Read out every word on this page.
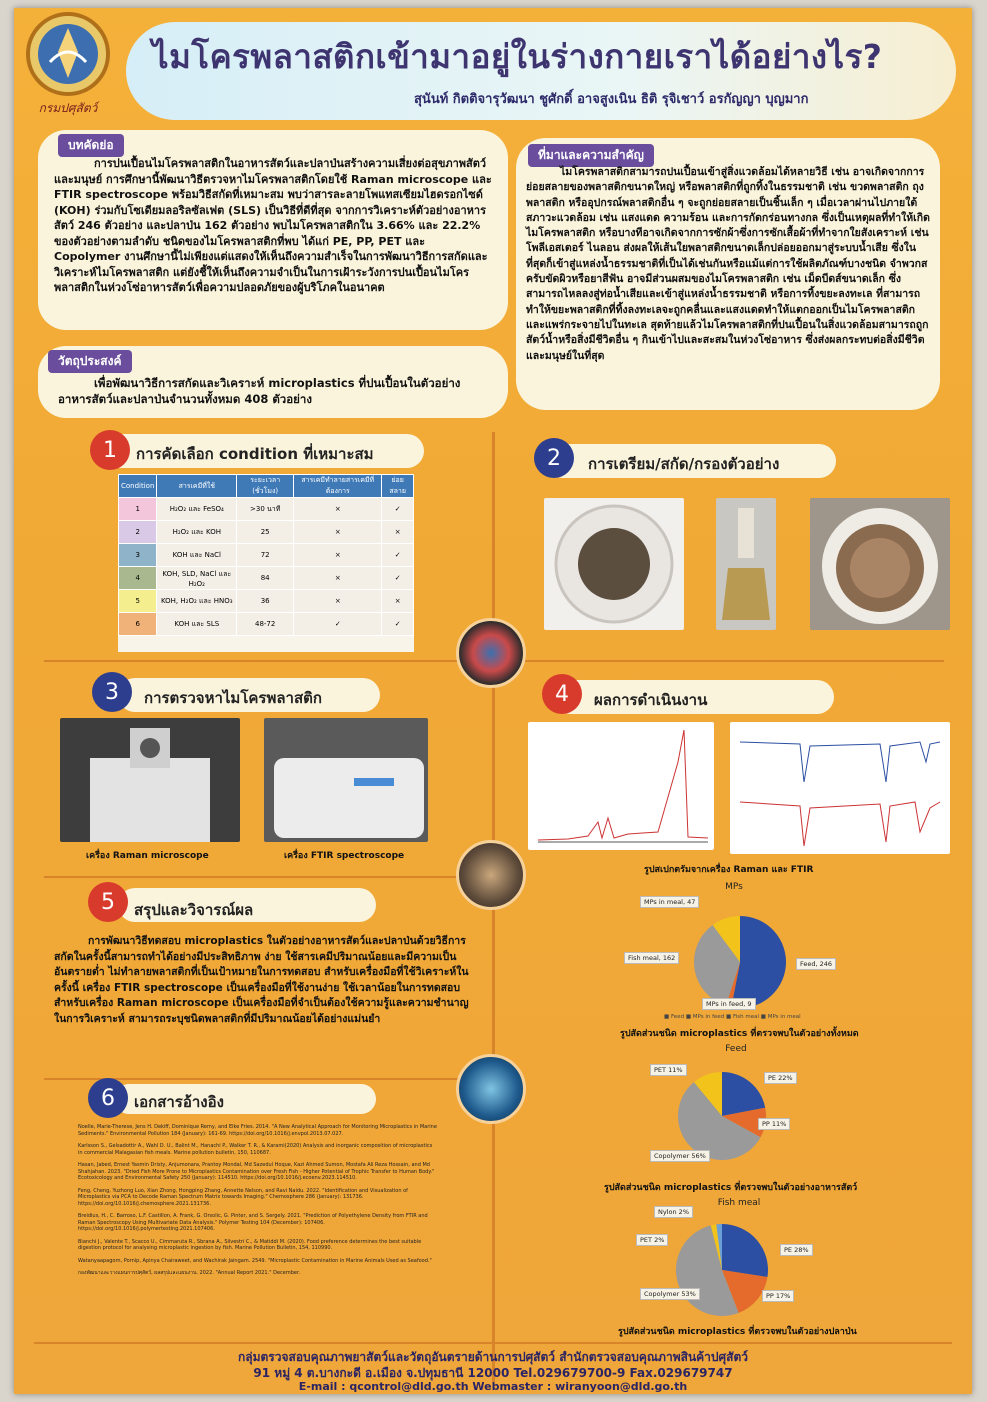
กรมปศุสัตว์
ไมโครพลาสติกเข้ามาอยู่ในร่างกายเราได้อย่างไร?
สุนันท์ กิตติจารุวัฒนา ชูศักดิ์ อาจสูงเนิน ธิติ รุจิเชาว์ อรกัญญา บุญมาก
บทคัดย่อ
การปนเปื้อนไมโครพลาสติกในอาหารสัตว์และปลาป่นสร้างความเสี่ยงต่อสุขภาพสัตว์และมนุษย์ การศึกษานี้พัฒนาวิธีตรวจหาไมโครพลาสติกโดยใช้ Raman microscope และ FTIR spectroscope พร้อมวิธีสกัดที่เหมาะสม พบว่าสารละลายโพแทสเซียมไฮดรอกไซด์ (KOH) ร่วมกับโซเดียมลอริลซัลเฟต (SLS) เป็นวิธีที่ดีที่สุด จากการวิเคราะห์ตัวอย่างอาหารสัตว์ 246 ตัวอย่าง และปลาป่น 162 ตัวอย่าง พบไมโครพลาสติกใน 3.66% และ 22.2% ของตัวอย่างตามลำดับ ชนิดของไมโครพลาสติกที่พบ ได้แก่ PE, PP, PET และ Copolymer งานศึกษานี้ไม่เพียงแต่แสดงให้เห็นถึงความสำเร็จในการพัฒนาวิธีการสกัดและวิเคราะห์ไมโครพลาสติก แต่ยังชี้ให้เห็นถึงความจำเป็นในการเฝ้าระวังการปนเปื้อนไมโครพลาสติกในห่วงโซ่อาหารสัตว์เพื่อความปลอดภัยของผู้บริโภคในอนาคต
วัตถุประสงค์
เพื่อพัฒนาวิธีการสกัดและวิเคราะห์ microplastics ที่ปนเปื้อนในตัวอย่างอาหารสัตว์และปลาป่นจำนวนทั้งหมด 408 ตัวอย่าง
ที่มาและความสำคัญ
ไมโครพลาสติกสามารถปนเปื้อนเข้าสู่สิ่งแวดล้อมได้หลายวิธี เช่น อาจเกิดจากการย่อยสลายของพลาสติกขนาดใหญ่ หรือพลาสติกที่ถูกทิ้งในธรรมชาติ เช่น ขวดพลาสติก ถุงพลาสติก หรืออุปกรณ์พลาสติกอื่น ๆ จะถูกย่อยสลายเป็นชิ้นเล็ก ๆ เมื่อเวลาผ่านไปภายใต้สภาวะแวดล้อม เช่น แสงแดด ความร้อน และการกัดกร่อนทางกล ซึ่งเป็นเหตุผลที่ทำให้เกิดไมโครพลาสติก หรือบางทีอาจเกิดจากการซักผ้าซึ่งการซักเสื้อผ้าที่ทำจากใยสังเคราะห์ เช่น โพลีเอสเตอร์ ไนลอน ส่งผลให้เส้นใยพลาสติกขนาดเล็กปล่อยออกมาสู่ระบบน้ำเสีย ซึ่งในที่สุดก็เข้าสู่แหล่งน้ำธรรมชาติที่เป็นได้เช่นกันหรือแม้แต่การใช้ผลิตภัณฑ์บางชนิด จำพวกสครับขัดผิวหรือยาสีฟัน อาจมีส่วนผสมของไมโครพลาสติก เช่น เม็ดบีดส์ขนาดเล็ก ซึ่งสามารถไหลลงสู่ท่อน้ำเสียและเข้าสู่แหล่งน้ำธรรมชาติ หรือการทิ้งขยะลงทะเล ที่สามารถทำให้ขยะพลาสติกที่ทิ้งลงทะเลจะถูกคลื่นและแสงแดดทำให้แตกออกเป็นไมโครพลาสติกและแพร่กระจายไปในทะเล สุดท้ายแล้วไมโครพลาสติกที่ปนเปื้อนในสิ่งแวดล้อมสามารถถูกสัตว์น้ำหรือสิ่งมีชีวิตอื่น ๆ กินเข้าไปและสะสมในห่วงโซ่อาหาร ซึ่งส่งผลกระทบต่อสิ่งมีชีวิตและมนุษย์ในที่สุด
1	การคัดเลือก condition ที่เหมาะสม
Condition	สารเคมีที่ใช้	ระยะเวลา (ชั่วโมง)	สารเคมีทำลายสารเคมีที่ต้องการ	ย่อยสลาย
1	H₂O₂ และ FeSO₄	>30 นาที	×	✓
2	H₂O₂ และ KOH	25	×	×
3	KOH และ NaCl	72	×	✓
4	KOH, SLD, NaCl และ H₂O₂	84	×	✓
5	KOH, H₂O₂ และ HNO₃	36	×	×
6	KOH และ SLS	48-72	✓	✓
2	การเตรียม/สกัด/กรองตัวอย่าง
3	การตรวจหาไมโครพลาสติก
เครื่อง Raman microscope	เครื่อง FTIR spectroscope
4	ผลการดำเนินงาน
รูปสเปกตรัมจากเครื่อง Raman และ FTIR
MPs
MPs in meal, 47
Fish meal, 162
Feed, 246
MPs in feed, 9
■ Feed ■ MPs in feed ■ Fish meal ■ MPs in meal
รูปสัดส่วนชนิด microplastics ที่ตรวจพบในตัวอย่างทั้งหมด
Feed
PET 11%
PE 22%
PP 11%
Copolymer 56%
รูปสัดส่วนชนิด microplastics ที่ตรวจพบในตัวอย่างอาหารสัตว์
Fish meal
Nylon 2%
PET 2%
PE 28%
PP 17%
Copolymer 53%
รูปสัดส่วนชนิด microplastics ที่ตรวจพบในตัวอย่างปลาป่น
5	สรุปและวิจารณ์ผล
การพัฒนาวิธีทดสอบ microplastics ในตัวอย่างอาหารสัตว์และปลาป่นด้วยวิธีการสกัดในครั้งนี้สามารถทำได้อย่างมีประสิทธิภาพ ง่าย ใช้สารเคมีปริมาณน้อยและมีความเป็นอันตรายต่ำ ไม่ทำลายพลาสติกที่เป็นเป้าหมายในการทดสอบ สำหรับเครื่องมือที่ใช้วิเคราะห์ในครั้งนี้ เครื่อง FTIR spectroscope เป็นเครื่องมือที่ใช้งานง่าย ใช้เวลาน้อยในการทดสอบ สำหรับเครื่อง Raman microscope เป็นเครื่องมือที่จำเป็นต้องใช้ความรู้และความชำนาญในการวิเคราะห์ สามารถระบุชนิดพลาสติกที่มีปริมาณน้อยได้อย่างแม่นยำ
6	เอกสารอ้างอิง
Noelle, Marie-Therese, Jens H. Dekiff, Dominique Remy, and Elke Fries. 2014. "A New Analytical Approach for Monitoring Microplastics in Marine Sediments." Environmental Pollution 184 (January): 161-69. https://doi.org/10.1016/j.envpol.2013.07.027.
Karlsson S., Gelsadottir A., Wahl D. U., Balint M., Hanachi P., Walker T. R., & Karami(2020) Analysis and inorganic composition of microplastics in commercial Malagasian fish meals. Marine pollution bulletin, 150, 110687.
Hasan, Jabed, Ernest Yasmin Dristy, Anjumonara, Prantoy Mondal, Md Sazedul Hoque, Kazi Ahmed Sumon, Mostafa Ali Reza Hossain, and Md Shahjahan. 2023. "Dried Fish More Prone to Microplastics Contamination over Fresh Fish - Higher Potential of Trophic Transfer to Human Body." Ecotoxicology and Environmental Safety 250 (January): 114510. https://doi.org/10.1016/j.ecoenv.2023.114510.
Feng, Cheng, Yuzhong Luo, Xian Zhong, Hongping Zhang, Annette Nelson, and Ravi Naidu. 2022. "Identification and Visualization of Microplastics via PCA to Decode Raman Spectrum Matrix towards Imaging." Chemosphere 286 (January): 131736. https://doi.org/10.1016/j.chemosphere.2021.131736.
Breidius, H., C. Barroso, L.F. Castillon, A. Frank, G. Orsolic, G. Pinter, and S. Sergely. 2021. "Prediction of Polyethylene Density from FTIR and Raman Spectroscopy Using Multivariate Data Analysis." Polymer Testing 104 (December): 107406. https://doi.org/10.1016/j.polymertesting.2021.107406.
Bianchi J., Valente T., Scacco U., Cimmaruta R., Sbrana A., Silvestri C., & Matiddi M. (2020). Food preference determines the best suitable digestion protocol for analysing microplastic ingestion by fish. Marine Pollution Bulletin, 154, 110990.
Watanyaapagorn, Pornip, Apinya Chairaweet, and Wachirak Jaingam. 2549. "Microplastic Contamination in Marine Animals Used as Seafood."
กองพัฒนาและวางแผนการปศุสัตว์, ผลสรุปและแผนงาน. 2022. "Annual Report 2021." December.
กลุ่มตรวจสอบคุณภาพยาสัตว์และวัตถุอันตรายด้านการปศุสัตว์ สำนักตรวจสอบคุณภาพสินค้าปศุสัตว์
91 หมู่ 4 ต.บางกะดี อ.เมือง จ.ปทุมธานี 12000 Tel.029679700-9 Fax.029679747
E-mail : qcontrol@dld.go.th Webmaster : wiranyoon@dld.go.th
